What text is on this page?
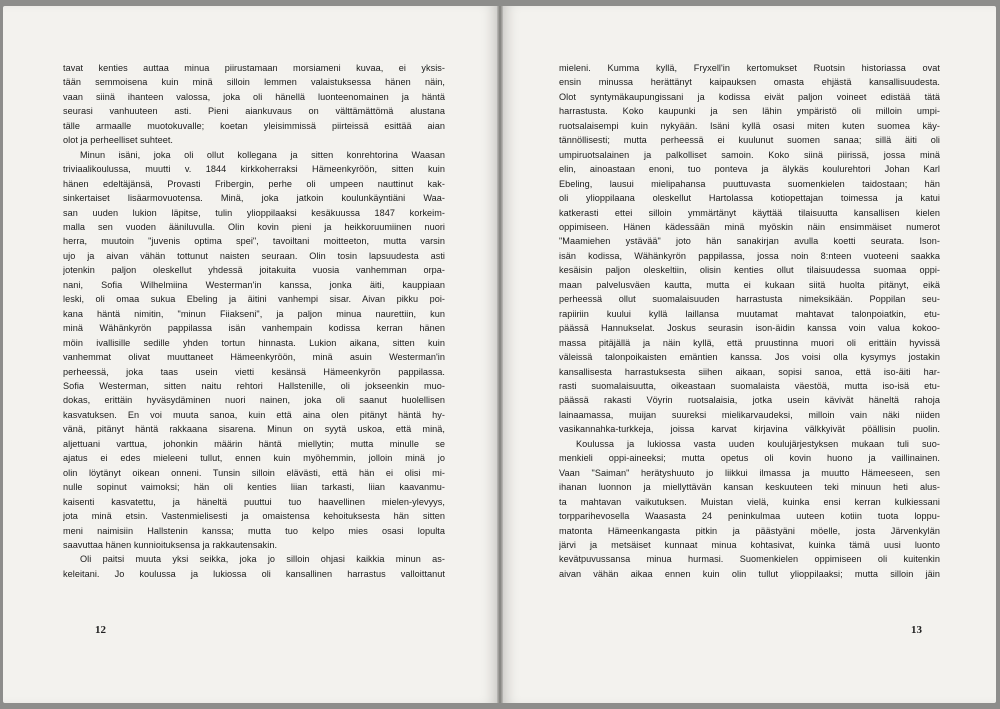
tavat kenties auttaa minua piirustamaan morsiameni kuvaa, ei yksis-
tään semmoisena kuin minä silloin lemmen valaistuksessa hänen näin,
vaan siinä ihanteen valossa, joka oli hänellä luonteenomainen ja häntä
seurasi vanhuuteen asti. Pieni aiankuvaus on välttämättömä alustana
tälle armaalle muotokuvalle; koetan yleisimmissä piirteissä esittää aian
olot ja perheelliset suhteet.
Minun isäni, joka oli ollut kollegana ja sitten konrehtorina Waasan
triviaalikoulussa, muutti v. 1844 kirkkoherraksi Hämeenkyröön, sitten kuin
hänen edeltäjänsä, Provasti Fribergin, perhe oli umpeen nauttinut kak-
sinkertaiset lisäarmovuotensa. Minä, joka jatkoin koulunkäyntiäni Waa-
san uuden lukion läpitse, tulin ylioppilaaksi kesäkuussa 1847 korkeim-
malla sen vuoden ääniluvulla. Olin kovin pieni ja heikkoruumiinen nuori
herra, muutoin "juvenis optima spei", tavoiltani moitteeton, mutta varsin
ujo ja aivan vähän tottunut naisten seuraan. Olin tosin lapsuudesta asti
jotenkin paljon oleskellut yhdessä joitakuita vuosia vanhemman orpa-
nani, Sofia Wilhelmiina Westerman'in kanssa, jonka äiti, kauppiaan
leski, oli omaa sukua Ebeling ja äitini vanhempi sisar. Aivan pikku poi-
kana häntä nimitin, "minun Fiiakseni", ja paljon minua naurettiin, kun
minä Wähänkyrön pappilassa isän vanhempain kodissa kerran hänen
möin ivallisille sedille yhden tortun hinnasta. Lukion aikana, sitten kuin
vanhemmat olivat muuttaneet Hämeenkyröön, minä asuin Westerman'in
perheessä, joka taas usein vietti kesänsä Hämeenkyrön pappilassa.
Sofia Westerman, sitten naitu rehtori Hallstenille, oli jokseenkin muo-
dokas, erittäin hyväsydäminen nuori nainen, joka oli saanut huolellisen
kasvatuksen. En voi muuta sanoa, kuin että aina olen pitänyt häntä hy-
vänä, pitänyt häntä rakkaana sisarena. Minun on syytä uskoa, että minä,
aljettuani varttua, johonkin määrin häntä miellytin; mutta minulle se
ajatus ei edes mieleeni tullut, ennen kuin myöhemmin, jolloin minä jo
olin löytänyt oikean onneni. Tunsin silloin elävästi, että hän ei olisi mi-
nulle sopinut vaimoksi; hän oli kenties liian tarkasti, liian kaavanmu-
kaisenti kasvatettu, ja häneltä puuttui tuo haavellinen mielen-ylevyys,
jota minä etsin. Vastenmielisesti ja omaistensa kehoituksesta hän sitten
meni naimisiin Hallstenin kanssa; mutta tuo kelpo mies osasi lopulta
saavuttaa hänen kunnioituksensa ja rakkautensakin.
Oli paitsi muuta yksi seikka, joka jo silloin ohjasi kaikkia minun as-
keleitani. Jo koulussa ja lukiossa oli kansallinen harrastus valloittanut
12
mieleni. Kumma kyllä, Fryxell'in kertomukset Ruotsin historiassa ovat
ensin minussa herättänyt kaipauksen omasta ehjästä kansallisuudesta.
Olot syntymäkaupungissani ja kodissa eivät paljon voineet edistää tätä
harrastusta. Koko kaupunki ja sen lähin ympäristö oli milloin umpi-
ruotsalaisempi kuin nykyään. Isäni kyllä osasi miten kuten suomea käy-
tännöllisesti; mutta perheessä ei kuulunut suomen sanaa; sillä äiti oli
umpiruotsalainen ja palkolliset samoin. Koko siinä piirissä, jossa minä
elin, ainoastaan enoni, tuo ponteva ja älykäs koulurehtori Johan Karl
Ebeling, lausui mielipahansa puuttuvasta suomenkielen taidostaan; hän
oli ylioppilaana oleskellut Hartolassa kotiopettajan toimessa ja katui
katkerasti ettei silloin ymmärtänyt käyttää tilaisuutta kansallisen kielen
oppimiseen. Hänen kädessään minä myöskin näin ensimmäiset numerot
"Maamiehen ystävää" joto hän sanakirjan avulla koetti seurata. Ison-
isän kodissa, Wähänkyrön pappilassa, jossa noin 8:nteen vuoteeni saakka
kesäisin paljon oleskeltiin, olisin kenties ollut tilaisuudessa suomaa oppi-
maan palvelusväen kautta, mutta ei kukaan siitä huolta pitänyt, eikä
perheessä ollut suomalaisuuden harrastusta nimeksikään. Poppilan seu-
rapiiriin kuului kyllä laillansa muutamat mahtavat talonpoiatkin, etu-
päässä Hannukselat. Joskus seurasin ison-äidin kanssa voin valua kokoo-
massa pitäjällä ja näin kyllä, että pruustinna muori oli erittäin hyvissä
väleissä talonpoikaisten emäntien kanssa. Jos voisi olla kysymys jostakin
kansallisesta harrastuksesta siihen aikaan, sopisi sanoa, että iso-äiti har-
rasti suomalaisuutta, oikeastaan suomalaista väestöä, mutta iso-isä etu-
päässä rakasti Vöyrin ruotsalaisia, jotka usein kävivät häneltä rahoja
lainaamassa, muijan suureksi mielikarvaudeksi, milloin vain näki niiden
vasikannahka-turkkeja, joissa karvat kirjavina välkkyivät pöällisin puolin.
Koulussa ja lukiossa vasta uuden koulujärjestyksen mukaan tuli suo-
menkieli oppi-aineeksi; mutta opetus oli kovin huono ja vaillinainen.
Vaan "Saiman" herätyshuuto jo liikkui ilmassa ja muutto Hämeeseen, sen
ihanan luonnon ja miellyttävän kansan keskuuteen teki minuun heti alus-
ta mahtavan vaikutuksen. Muistan vielä, kuinka ensi kerran kulkiessani
torpparihevosella Waasasta 24 peninkulmaa uuteen kotiin tuota loppu-
matonta Hämeenkangasta pitkin ja päästyäni möelle, josta Järvenkylän
järvi ja metsäiset kunnaat minua kohtasivat, kuinka tämä uusi luonto
kevätpuvussansa minua hurmasi. Suomenkielen oppimiseen oli kuitenkin
aivan vähän aikaa ennen kuin olin tullut ylioppilaaksi; mutta silloin jäin
13
